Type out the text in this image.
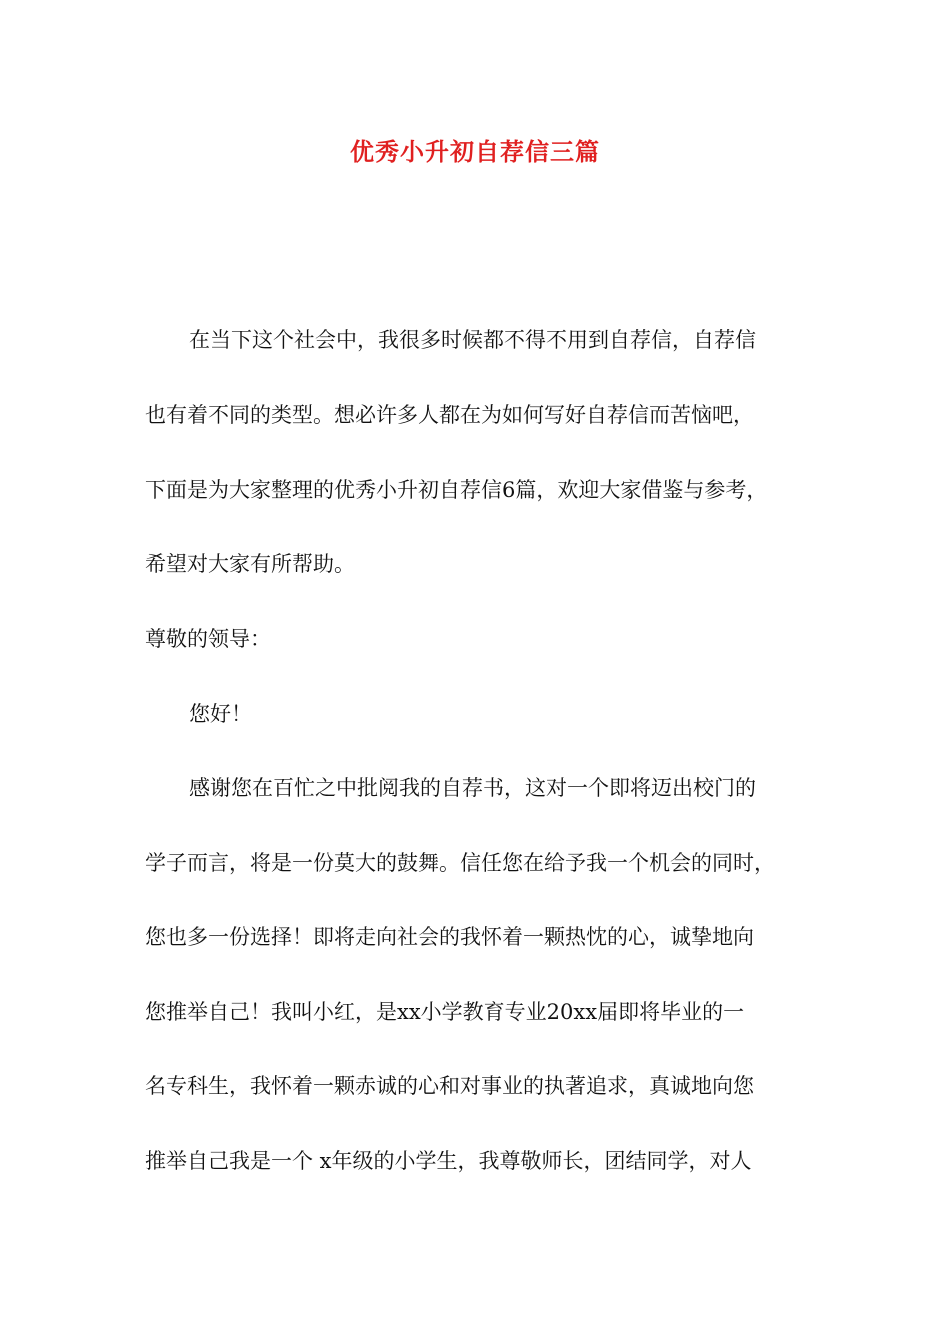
优秀小升初自荐信三篇

在当下这个社会中，我很多时候都不得不用到自荐信，自荐信

也有着不同的类型。想必许多人都在为如何写好自荐信而苦恼吧，

下面是为大家整理的优秀小升初自荐信6篇，欢迎大家借鉴与参考，

希望对大家有所帮助。

尊敬的领导：

您好！

感谢您在百忙之中批阅我的自荐书，这对一个即将迈出校门的

学子而言，将是一份莫大的鼓舞。信任您在给予我一个机会的同时，

您也多一份选择！即将走向社会的我怀着一颗热忱的心，诚挚地向

您推举自己！我叫小红，是xx小学教育专业20xx届即将毕业的一

名专科生，我怀着一颗赤诚的心和对事业的执著追求，真诚地向您

推举自己我是一个 x年级的小学生，我尊敬师长，团结同学，对人
